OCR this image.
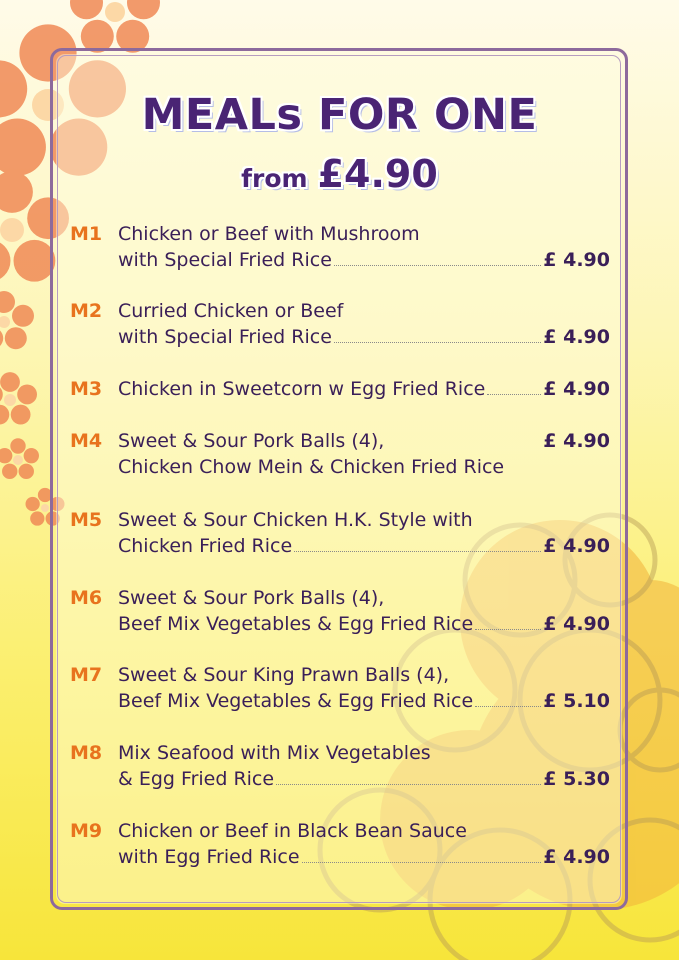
MEALs FOR ONE
from £4.90
M1 Chicken or Beef with Mushroom
with Special Fried Rice	£ 4.90
M2 Curried Chicken or Beef
with Special Fried Rice	£ 4.90
M3 Chicken in Sweetcorn w Egg Fried Rice	£ 4.90
M4 Sweet & Sour Pork Balls (4),	£ 4.90
Chicken Chow Mein & Chicken Fried Rice
M5 Sweet & Sour Chicken H.K. Style with
Chicken Fried Rice	£ 4.90
M6 Sweet & Sour Pork Balls (4),
Beef Mix Vegetables & Egg Fried Rice	£ 4.90
M7 Sweet & Sour King Prawn Balls (4),
Beef Mix Vegetables & Egg Fried Rice	£ 5.10
M8 Mix Seafood with Mix Vegetables
& Egg Fried Rice	£ 5.30
M9 Chicken or Beef in Black Bean Sauce
with Egg Fried Rice	£ 4.90
